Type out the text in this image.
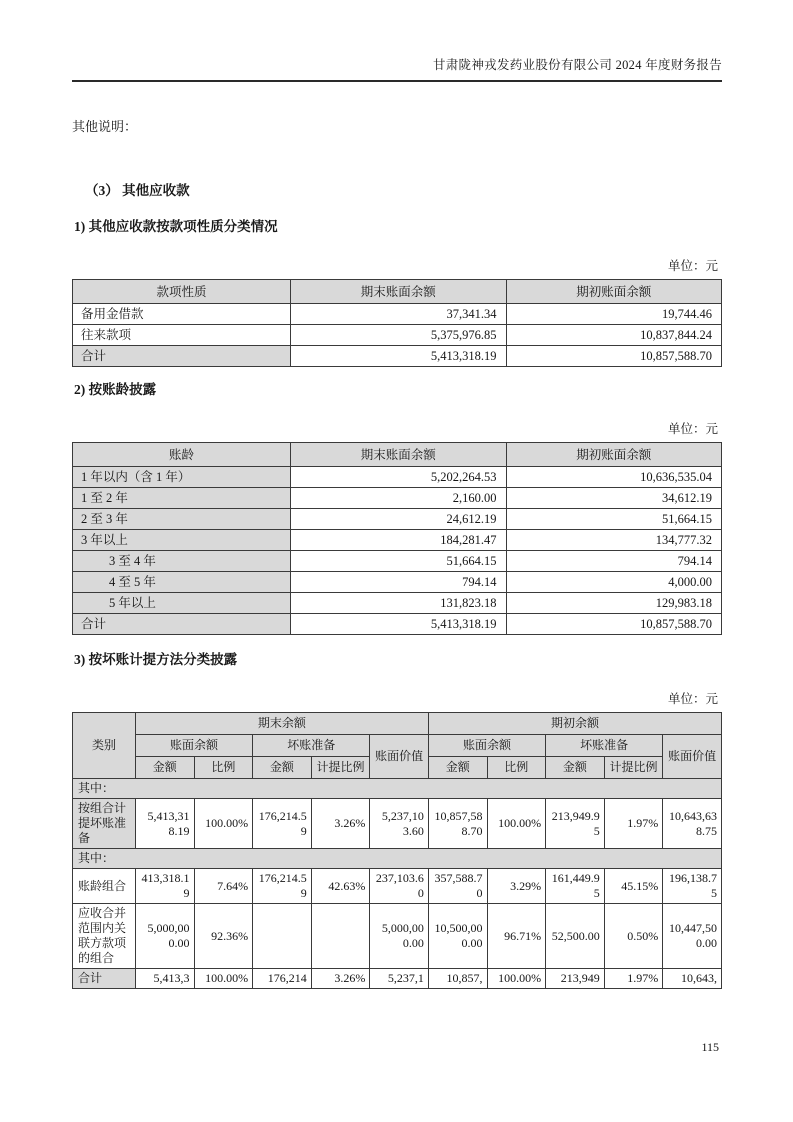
甘肃陇神戎发药业股份有限公司 2024 年度财务报告
其他说明：
（3） 其他应收款
1) 其他应收款按款项性质分类情况
单位：元
款项性质	期末账面余额	期初账面余额
备用金借款	37,341.34	19,744.46
往来款项	5,375,976.85	10,837,844.24
合计	5,413,318.19	10,857,588.70
2) 按账龄披露
单位：元
账龄	期末账面余额	期初账面余额
1 年以内（含 1 年）	5,202,264.53	10,636,535.04
1 至 2 年	2,160.00	34,612.19
2 至 3 年	24,612.19	51,664.15
3 年以上	184,281.47	134,777.32
3 至 4 年	51,664.15	794.14
4 至 5 年	794.14	4,000.00
5 年以上	131,823.18	129,983.18
合计	5,413,318.19	10,857,588.70
3) 按坏账计提方法分类披露
单位：元
类别	期末余额					期初余额				
	账面余额		坏账准备		账面价值	账面余额		坏账准备		账面价值
	金额	比例	金额	计提比例		金额	比例	金额	计提比例	
其中：										
按组合计提坏账准备	5,413,318.19	100.00%	176,214.59	3.26%	5,237,103.60	10,857,588.70	100.00%	213,949.95	1.97%	10,643,638.75
其中：										
账龄组合	413,318.19	7.64%	176,214.59	42.63%	237,103.60	357,588.70	3.29%	161,449.95	45.15%	196,138.75
应收合并范围内关联方款项的组合	5,000,000.00	92.36%			5,000,000.00	10,500,000.00	96.71%	52,500.00	0.50%	10,447,500.00
合计	5,413,3	100.00%	176,214	3.26%	5,237,1	10,857,	100.00%	213,949	1.97%	10,643,
115
